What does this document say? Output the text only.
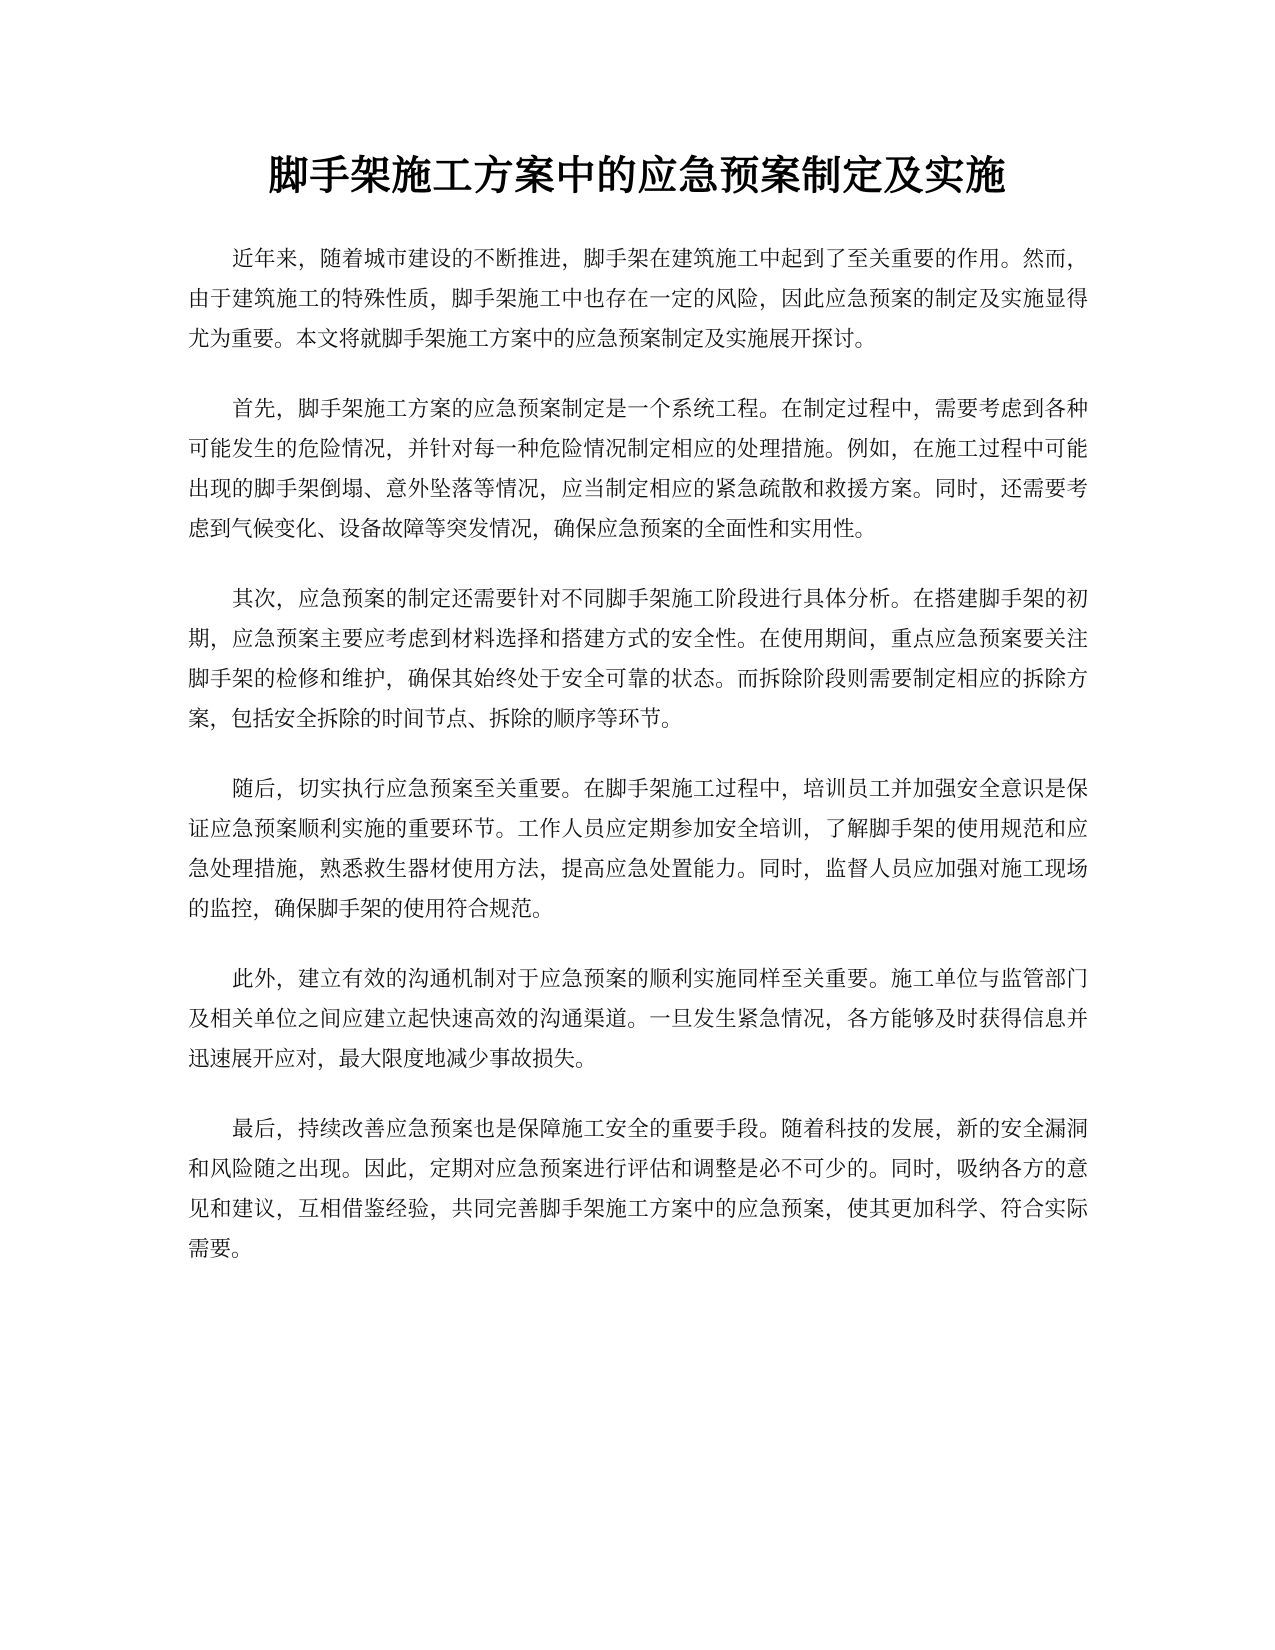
脚手架施工方案中的应急预案制定及实施

近年来，随着城市建设的不断推进，脚手架在建筑施工中起到了至关重要的作用。然而，由于建筑施工的特殊性质，脚手架施工中也存在一定的风险，因此应急预案的制定及实施显得尤为重要。本文将就脚手架施工方案中的应急预案制定及实施展开探讨。

首先，脚手架施工方案的应急预案制定是一个系统工程。在制定过程中，需要考虑到各种可能发生的危险情况，并针对每一种危险情况制定相应的处理措施。例如，在施工过程中可能出现的脚手架倒塌、意外坠落等情况，应当制定相应的紧急疏散和救援方案。同时，还需要考虑到气候变化、设备故障等突发情况，确保应急预案的全面性和实用性。

其次，应急预案的制定还需要针对不同脚手架施工阶段进行具体分析。在搭建脚手架的初期，应急预案主要应考虑到材料选择和搭建方式的安全性。在使用期间，重点应急预案要关注脚手架的检修和维护，确保其始终处于安全可靠的状态。而拆除阶段则需要制定相应的拆除方案，包括安全拆除的时间节点、拆除的顺序等环节。

随后，切实执行应急预案至关重要。在脚手架施工过程中，培训员工并加强安全意识是保证应急预案顺利实施的重要环节。工作人员应定期参加安全培训，了解脚手架的使用规范和应急处理措施，熟悉救生器材使用方法，提高应急处置能力。同时，监督人员应加强对施工现场的监控，确保脚手架的使用符合规范。

此外，建立有效的沟通机制对于应急预案的顺利实施同样至关重要。施工单位与监管部门及相关单位之间应建立起快速高效的沟通渠道。一旦发生紧急情况，各方能够及时获得信息并迅速展开应对，最大限度地减少事故损失。

最后，持续改善应急预案也是保障施工安全的重要手段。随着科技的发展，新的安全漏洞和风险随之出现。因此，定期对应急预案进行评估和调整是必不可少的。同时，吸纳各方的意见和建议，互相借鉴经验，共同完善脚手架施工方案中的应急预案，使其更加科学、符合实际需要。
